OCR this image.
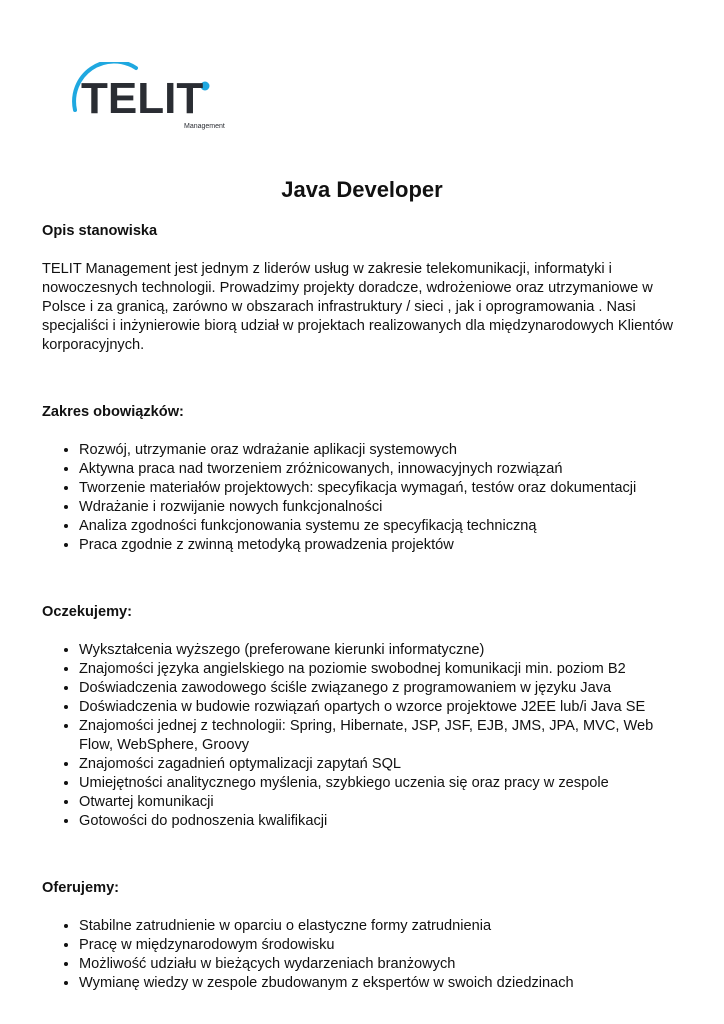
TELIT
Management
Java Developer
Opis stanowiska

TELIT Management jest jednym z liderów usług w zakresie telekomunikacji, informatyki i nowoczesnych technologii. Prowadzimy projekty doradcze, wdrożeniowe oraz utrzymaniowe w Polsce i za granicą, zarówno w obszarach infrastruktury / sieci , jak i oprogramowania . Nasi specjaliści i inżynierowie biorą udział w projektach realizowanych dla międzynarodowych Klientów korporacyjnych.

Zakres obowiązków:
• Rozwój, utrzymanie oraz wdrażanie aplikacji systemowych
• Aktywna praca nad tworzeniem zróżnicowanych, innowacyjnych rozwiązań
• Tworzenie materiałów projektowych: specyfikacja wymagań, testów oraz dokumentacji
• Wdrażanie i rozwijanie nowych funkcjonalności
• Analiza zgodności funkcjonowania systemu ze specyfikacją techniczną
• Praca zgodnie z zwinną metodyką prowadzenia projektów
Oczekujemy:
• Wykształcenia wyższego (preferowane kierunki informatyczne)
• Znajomości języka angielskiego na poziomie swobodnej komunikacji min. poziom B2
• Doświadczenia zawodowego ściśle związanego z programowaniem w języku Java
• Doświadczenia w budowie rozwiązań opartych o wzorce projektowe J2EE lub/i Java SE
• Znajomości jednej z technologii: Spring, Hibernate, JSP, JSF, EJB, JMS, JPA, MVC, Web Flow, WebSphere, Groovy
• Znajomości zagadnień optymalizacji zapytań SQL
• Umiejętności analitycznego myślenia, szybkiego uczenia się oraz pracy w zespole
• Otwartej komunikacji
• Gotowości do podnoszenia kwalifikacji
Oferujemy:
• Stabilne zatrudnienie w oparciu o elastyczne formy zatrudnienia
• Pracę w międzynarodowym środowisku
• Możliwość udziału w bieżących wydarzeniach branżowych
• Wymianę wiedzy w zespole zbudowanym z ekspertów w swoich dziedzinach
